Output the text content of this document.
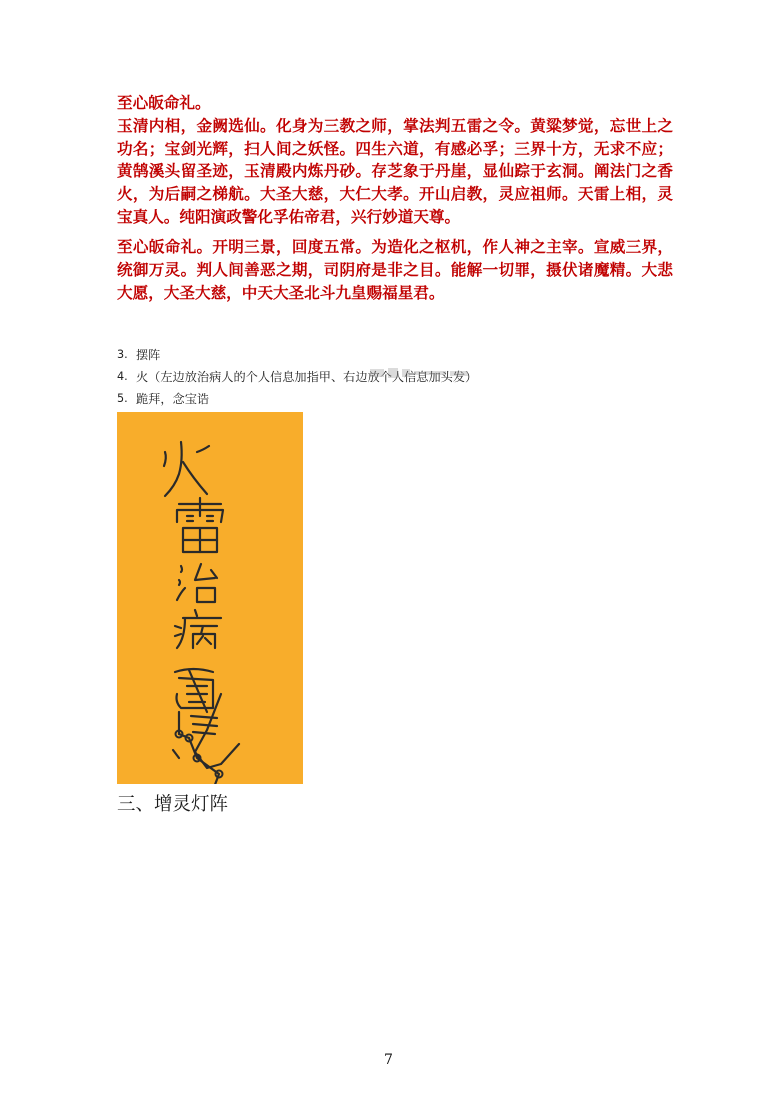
至心皈命礼。

玉清内相，金阙选仙。化身为三教之师，掌法判五雷之令。黄粱梦觉，忘世上之功名；宝剑光辉，扫人间之妖怪。四生六道，有感必孚；三界十方，无求不应；黄鹄溪头留圣迹，玉清殿内炼丹砂。存芝象于丹崖，显仙踪于玄洞。阐法门之香火，为后嗣之梯航。大圣大慈，大仁大孝。开山启教，灵应祖师。天雷上相，灵宝真人。纯阳演政警化孚佑帝君，兴行妙道天尊。

至心皈命礼。开明三景，回度五常。为造化之枢机，作人神之主宰。宣威三界，统御万灵。判人间善恶之期，司阴府是非之目。能解一切罪，摄伏诸魔精。大悲大愿，大圣大慈，中天大圣北斗九皇赐福星君。

3. 摆阵
4. 火（左边放治病人的个人信息加指甲、右边放个人信息加头发）
5. 跪拜，念宝诰
三、增灵灯阵
7
